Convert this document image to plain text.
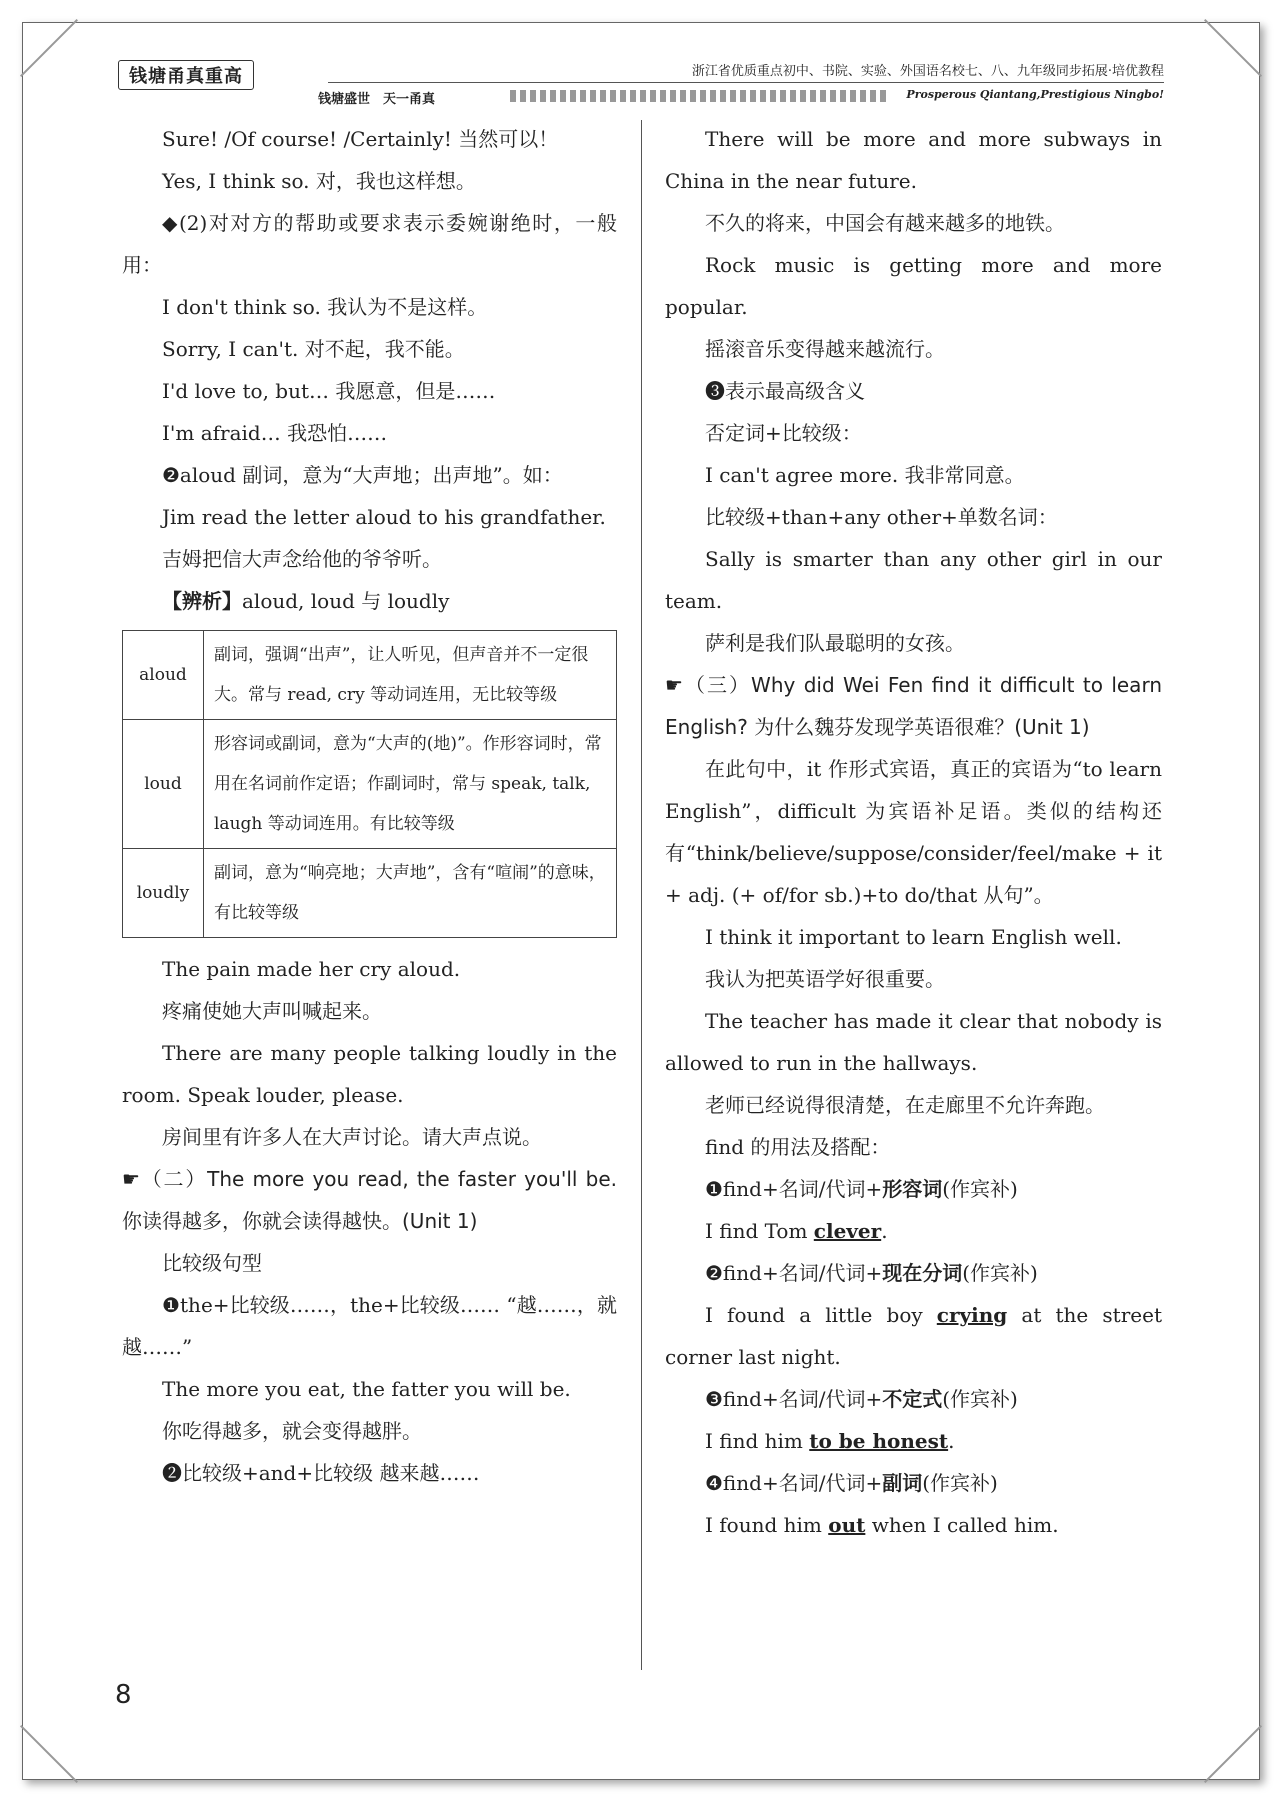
钱塘甬真重高
钱塘盛世　天一甬真
浙江省优质重点初中、书院、实验、外国语名校七、八、九年级同步拓展·培优教程
Prosperous Qiantang,Prestigious Ningbo!

Sure! /Of course! /Certainly! 当然可以！

Yes, I think so. 对，我也这样想。

◆(2)对对方的帮助或要求表示委婉谢绝时，一般用：

I don't think so. 我认为不是这样。

Sorry, I can't. 对不起，我不能。

I'd love to, but… 我愿意，但是……

I'm afraid… 我恐怕……

❷aloud 副词，意为“大声地；出声地”。如：

Jim read the letter aloud to his grandfather.

吉姆把信大声念给他的爷爷听。

【辨析】aloud, loud 与 loudly

aloud	副词，强调“出声”，让人听见，但声音并不一定很大。常与 read, cry 等动词连用，无比较等级
loud	形容词或副词，意为“大声的(地)”。作形容词时，常用在名词前作定语；作副词时，常与 speak, talk, laugh 等动词连用。有比较等级
loudly	副词，意为“响亮地；大声地”，含有“喧闹”的意味，有比较等级

The pain made her cry aloud.

疼痛使她大声叫喊起来。

There are many people talking loudly in the room. Speak louder, please.

房间里有许多人在大声讨论。请大声点说。

☛（二）The more you read, the faster you'll be. 你读得越多，你就会读得越快。(Unit 1)

比较级句型

❶the+比较级……，the+比较级…… “越……，就越……”

The more you eat, the fatter you will be.

你吃得越多，就会变得越胖。

❷比较级+and+比较级 越来越……

There will be more and more subways in China in the near future.

不久的将来，中国会有越来越多的地铁。

Rock music is getting more and more popular.

摇滚音乐变得越来越流行。

❸表示最高级含义

否定词+比较级：

I can't agree more. 我非常同意。

比较级+than+any other+单数名词：

Sally is smarter than any other girl in our team.

萨利是我们队最聪明的女孩。

☛（三）Why did Wei Fen find it difficult to learn English? 为什么魏芬发现学英语很难？(Unit 1)

在此句中，it 作形式宾语，真正的宾语为“to learn English”，difficult 为宾语补足语。类似的结构还有“think/believe/suppose/consider/feel/make + it + adj. (+ of/for sb.)+to do/that 从句”。

I think it important to learn English well.

我认为把英语学好很重要。

The teacher has made it clear that nobody is allowed to run in the hallways.

老师已经说得很清楚，在走廊里不允许奔跑。

find 的用法及搭配：

❶find+名词/代词+形容词(作宾补)

I find Tom clever.

❷find+名词/代词+现在分词(作宾补)

I found a little boy crying at the street corner last night.

❸find+名词/代词+不定式(作宾补)

I find him to be honest.

❹find+名词/代词+副词(作宾补)

I found him out when I called him.

8
